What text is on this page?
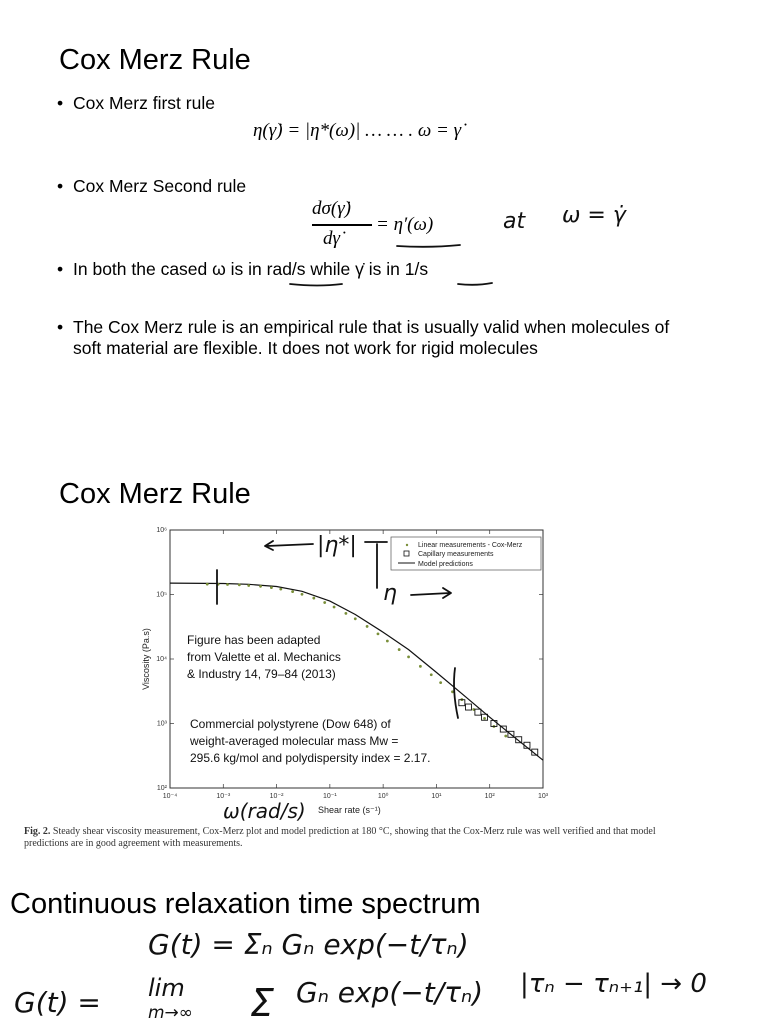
Cox Merz Rule
• Cox Merz first rule
η(γ̇) = |η*(ω)| … … . ω = γ̇
• Cox Merz Second rule
dσ(γ̇)
dγ̇
= η′(ω)
• In both the cased ω is in rad/s while γ̇ is in 1/s
• The Cox Merz rule is an empirical rule that is usually valid when molecules of soft material are flexible. It does not work for rigid molecules
at ω = γ̇
Cox Merz Rule
10⁻⁴	10⁻³	10⁻²	10⁻¹	10⁰	10¹	10²	10³
10²
10³
10⁴
10⁵
10⁶
Viscosity (Pa.s)
Shear rate (s⁻¹)
Linear measurements - Cox-Merz
Capillary measurements
Model predictions
|η*|
η
ω(rad/s)
Figure has been adapted
from Valette et al. Mechanics
& Industry 14, 79–84 (2013)
Commercial polystyrene (Dow 648) of
weight-averaged molecular mass Mw =
295.6 kg/mol and polydispersity index = 2.17.
Fig. 2. Steady shear viscosity measurement, Cox-Merz plot and model prediction at 180 °C, showing that the Cox-Merz rule was well verified and that model predictions are in good agreement with measurements.
Continuous relaxation time spectrum
G(t) = Σₙ Gₙ exp(−t/τₙ)
G(t) = lim
m→∞ Σ Gₙ exp(−t/τₙ) |τₙ − τₙ₊₁| → 0
